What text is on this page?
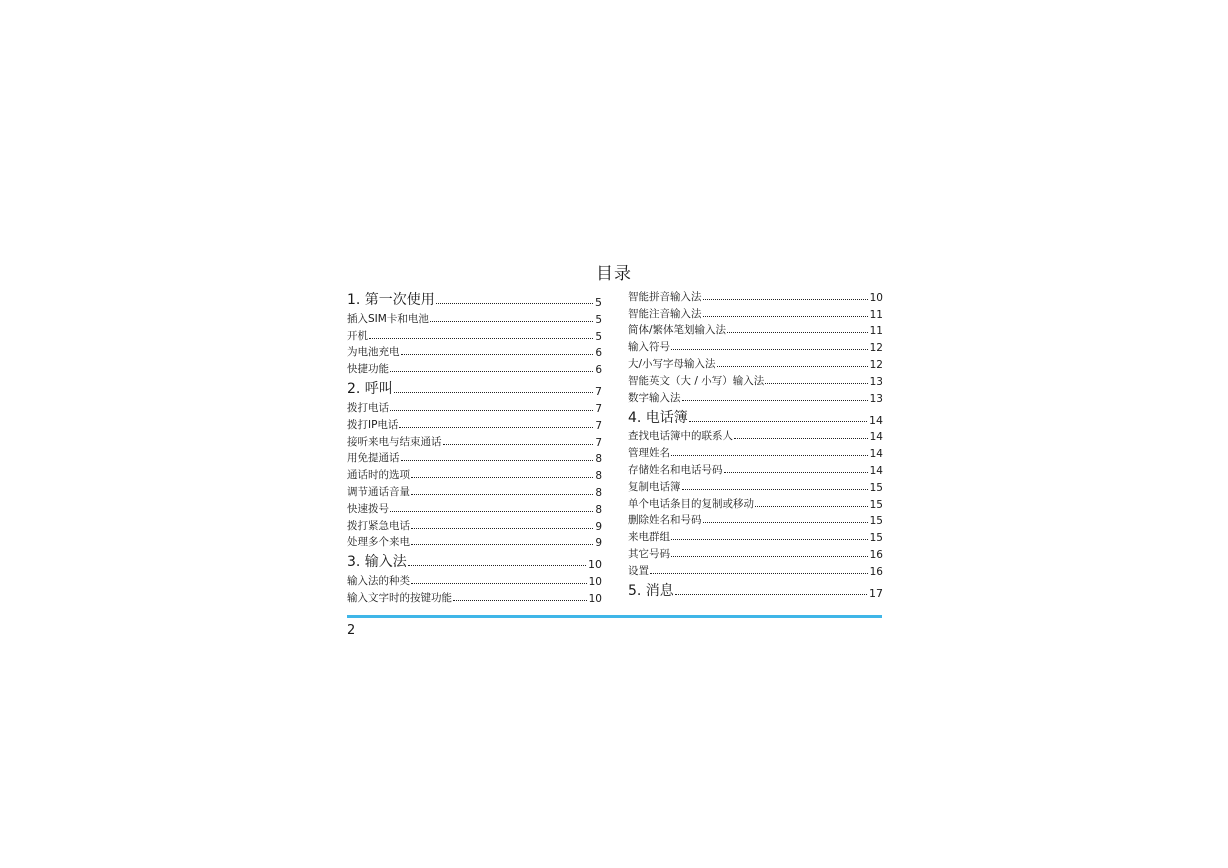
目录
1. 第一次使用	5
插入SIM卡和电池	5
开机	5
为电池充电	6
快捷功能	6
2. 呼叫	7
拨打电话	7
拨打IP电话	7
接听来电与结束通话	7
用免提通话	8
通话时的选项	8
调节通话音量	8
快速拨号	8
拨打紧急电话	9
处理多个来电	9
3. 输入法	10
输入法的种类	10
输入文字时的按键功能	10
智能拼音输入法	10
智能注音输入法	11
简体/繁体笔划输入法	11
输入符号	12
大/小写字母输入法	12
智能英文（大 / 小写）输入法	13
数字输入法	13
4. 电话簿	14
查找电话簿中的联系人	14
管理姓名	14
存储姓名和电话号码	14
复制电话簿	15
单个电话条目的复制或移动	15
删除姓名和号码	15
来电群组	15
其它号码	16
设置	16
5. 消息	17
2
